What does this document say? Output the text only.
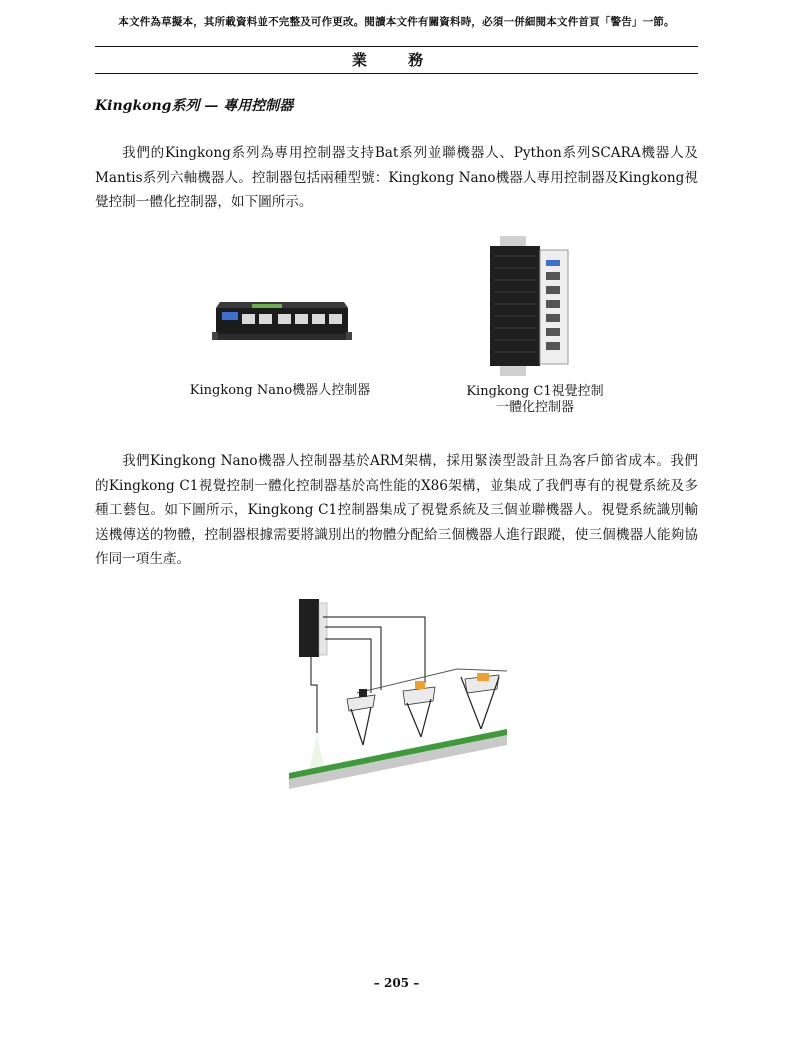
本文件為草擬本，其所載資料並不完整及可作更改。閱讀本文件有關資料時，必須一併細閱本文件首頁「警告」一節。
業 務
Kingkong系列 — 專用控制器
我們的Kingkong系列為專用控制器支持Bat系列並聯機器人、Python系列SCARA機器人及Mantis系列六軸機器人。控制器包括兩種型號：Kingkong Nano機器人專用控制器及Kingkong視覺控制一體化控制器，如下圖所示。
Kingkong Nano機器人控制器	Kingkong C1視覺控制
一體化控制器
我們Kingkong Nano機器人控制器基於ARM架構，採用緊湊型設計且為客戶節省成本。我們的Kingkong C1視覺控制一體化控制器基於高性能的X86架構，並集成了我們專有的視覺系統及多種工藝包。如下圖所示，Kingkong C1控制器集成了視覺系統及三個並聯機器人。視覺系統識別輸送機傳送的物體，控制器根據需要將識別出的物體分配給三個機器人進行跟蹤，使三個機器人能夠協作同一項生產。
– 205 –
